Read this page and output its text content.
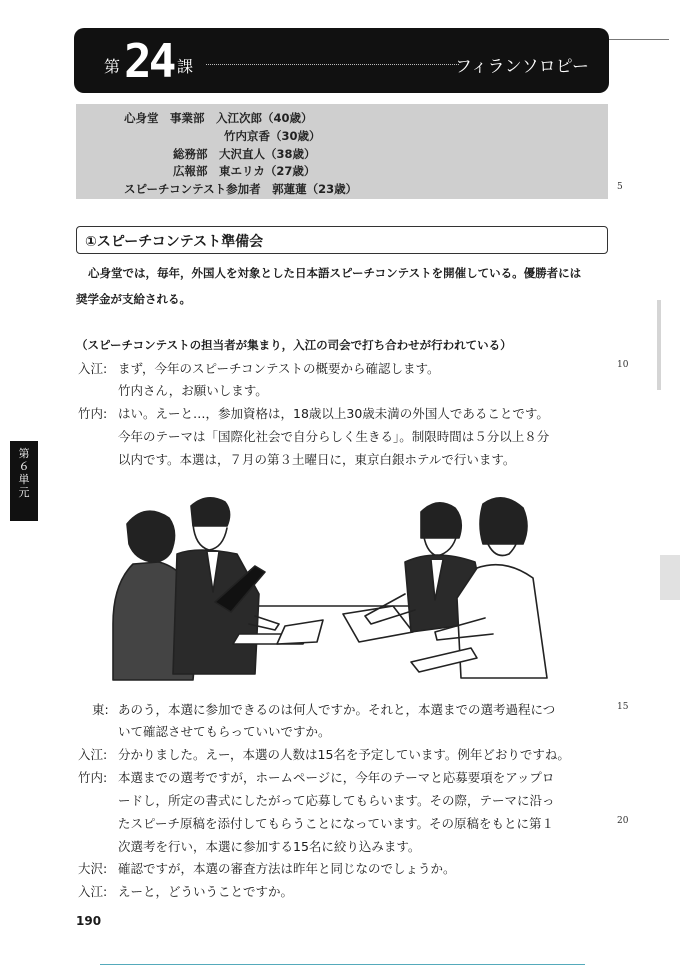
第 24 課	フィランソロピー
心身堂　事業部　入江次郎（40歳）
竹内京香（30歳）
総務部　大沢直人（38歳）
広報部　東エリカ（27歳）
スピーチコンテスト参加者　郭蓮蓮（23歳）	5
10
15
20
①スピーチコンテスト準備会
心身堂では，毎年，外国人を対象とした日本語スピーチコンテストを開催している。優勝者には
奨学金が支給される。
（スピーチコンテストの担当者が集まり，入江の司会で打ち合わせが行われている）
入江: まず，今年のスピーチコンテストの概要から確認します。
竹内さん，お願いします。
竹内: はい。えーと…，参加資格は，18歳以上30歳未満の外国人であることです。
今年のテーマは「国際化社会で自分らしく生きる」。制限時間は５分以上８分
以内です。本選は，７月の第３土曜日に，東京白銀ホテルで行います。
第
６
単
元
東: あのう，本選に参加できるのは何人ですか。それと，本選までの選考過程につ
いて確認させてもらっていいですか。
入江: 分かりました。えー，本選の人数は15名を予定しています。例年どおりですね。
竹内: 本選までの選考ですが，ホームページに，今年のテーマと応募要項をアップロ
ードし，所定の書式にしたがって応募してもらいます。その際，テーマに沿っ
たスピーチ原稿を添付してもらうことになっています。その原稿をもとに第１
次選考を行い，本選に参加する15名に絞り込みます。
大沢: 確認ですが，本選の審査方法は昨年と同じなのでしょうか。
入江: えーと，どういうことですか。
190
